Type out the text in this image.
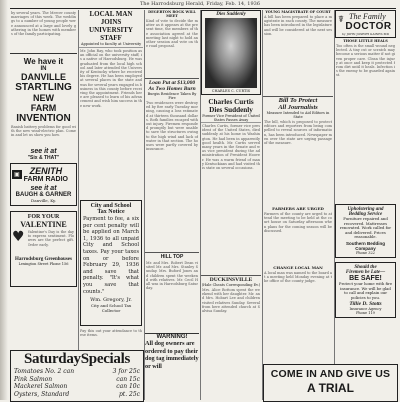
The Harrodsburg Herald, Friday, Feb. 14, 1936
by several years. The Mercer county marriages of this week. The weddings to a number of young people were announced at a large and lovely gathering in the homes with members of the family participating.
We have it
IN
DANVILLE
STARTLING
NEW
FARM
INVENTION
Banish battery problems for good with the new wind-electric plan. Come in and let us show you how.
see it at
"Six & THAT"
▣	ZENITH
FARM RADIO
see it at
BAUGH & GARNER
Danville, Ky.
FOR YOUR
VALENTINE
♥ Valentine's Day is the day to express sentiment. Flowers are the perfect gift. Order early.
Harrodsburg Greenhouses
Lexington Street Phone 156
LOCAL MAN JOINS
UNIVERSITY STAFF
Appointed to faculty at University
Mr. John Ray, who took position as an official on the university staff, is a native of Harrodsburg. He was graduated from the local high school and later attended the University of Kentucky where he received his degree. He has been employed at several places in the state and was for several years engaged in business in this county before receiving the appointment. Friends here are pleased to learn of his advancement and wish him success in the new work.
City and School
Tax Notice
Payment to fee, a six per cent penalty will be applied on March 1, 1936 to all unpaid City and School taxes. Pay your taxes on or before February 29, 1936 and save that penalty. "It's what you save that counts."
Wm. Gregory, Jr.
City and School Tax Collector
Pay this out your attendance to these items.
DEGERTON ROCK WILL MEET
Kind of vote to decide the matter as it appears at the present time, the members of the association agreed at the meeting last night to hold another session and vote on the road proposal.
Loan Put at $13,000
As Two Homes Burn
Burgin Residence Taken By Fire
Two residences were destroyed by fire early Tuesday morning, causing a loss estimated at thirteen thousand dollars. Both families escaped without injury. Firemen responded promptly but were unable to save the structures owing to the high wind and lack of water in that section. The houses were partly covered by insurance.
HILL TOP
Mr. and Mrs. Robert Dean visited Mr. and Mrs. Stanley Sunday. Mrs. Buford Jones and children spent the weekend with relatives. Mr. Cecil Hall was in Harrodsburg Saturday.
WARNING!
All dog owners are ordered to pay their dog tag immediately or will
Dies Suddenly
CHARLES C. CURTIS
Charles Curtis
Dies Suddenly
Former Vice President of United States Passes Away
Charles Curtis, former vice president of the United States, died suddenly at his home in Washington. He had been in apparently good health. Mr. Curtis served many years in the Senate and was vice president during the administration of President Hoover. He was a warm friend of many Kentuckians and had visited this state on several occasions.
DUCKINSVILLE
(Hale Cheats Corresponding Ev.)
Mrs. Alice Bottom spent the weekend with her daughter. Mr. and Mrs. Hobart Lee and children visited relatives Sunday. Several from here attended church at Salvisa Sunday.
YOUNG MAGISTRATE OF COURT
A bill has been prepared to place a magistrate in each county. The measure has been introduced in the legislature and will be considered at the next session.
Bill To Protect
All Journalists
Measure Intended to Aid Editors in State
The bill, which is proposed to protect editors and reporters from being compelled to reveal sources of information, has been introduced. Newspaper men over the state are urging passage of the measure.
FARMERS ARE URGED
Farmers of the county are urged to attend the meeting to be held at the court house on Saturday afternoon when plans for the coming season will be discussed.
CHANGE LOCAL MAN
A local man was named to the board at a meeting held Monday evening at the office of the county judge.
The Family
DOCTOR
by JOHN JOSEPH GAINES MD
☤
THOSE LITTLE HEALS
Too often is the small wound neglected. A tiny cut or scratch may become a serious matter if not given proper care. Clean the injury at once and keep it protected from dirt until it heals. Infection is the enemy to be guarded against.
Upholstering and
Bedding Service
Furniture repaired and recovered. Mattresses renovated. Work called for and delivered. Prices reasonable.
Southern Bedding Company
Phone 322
Should the
Firemen be Late—
BE SAFE!
Protect your home with fire insurance. We will be glad to call and explain our policies to you.
Tillie D. Stotts
Insurance Agency
Phone 119
SaturdaySpecials
Tomatoes No. 2 can	3 for 25c
Pink Salmon	can 15c
Mackerel Salmon	can 10c
Oysters, Standard	pt. 25c
COME IN AND GIVE US
A TRIAL
